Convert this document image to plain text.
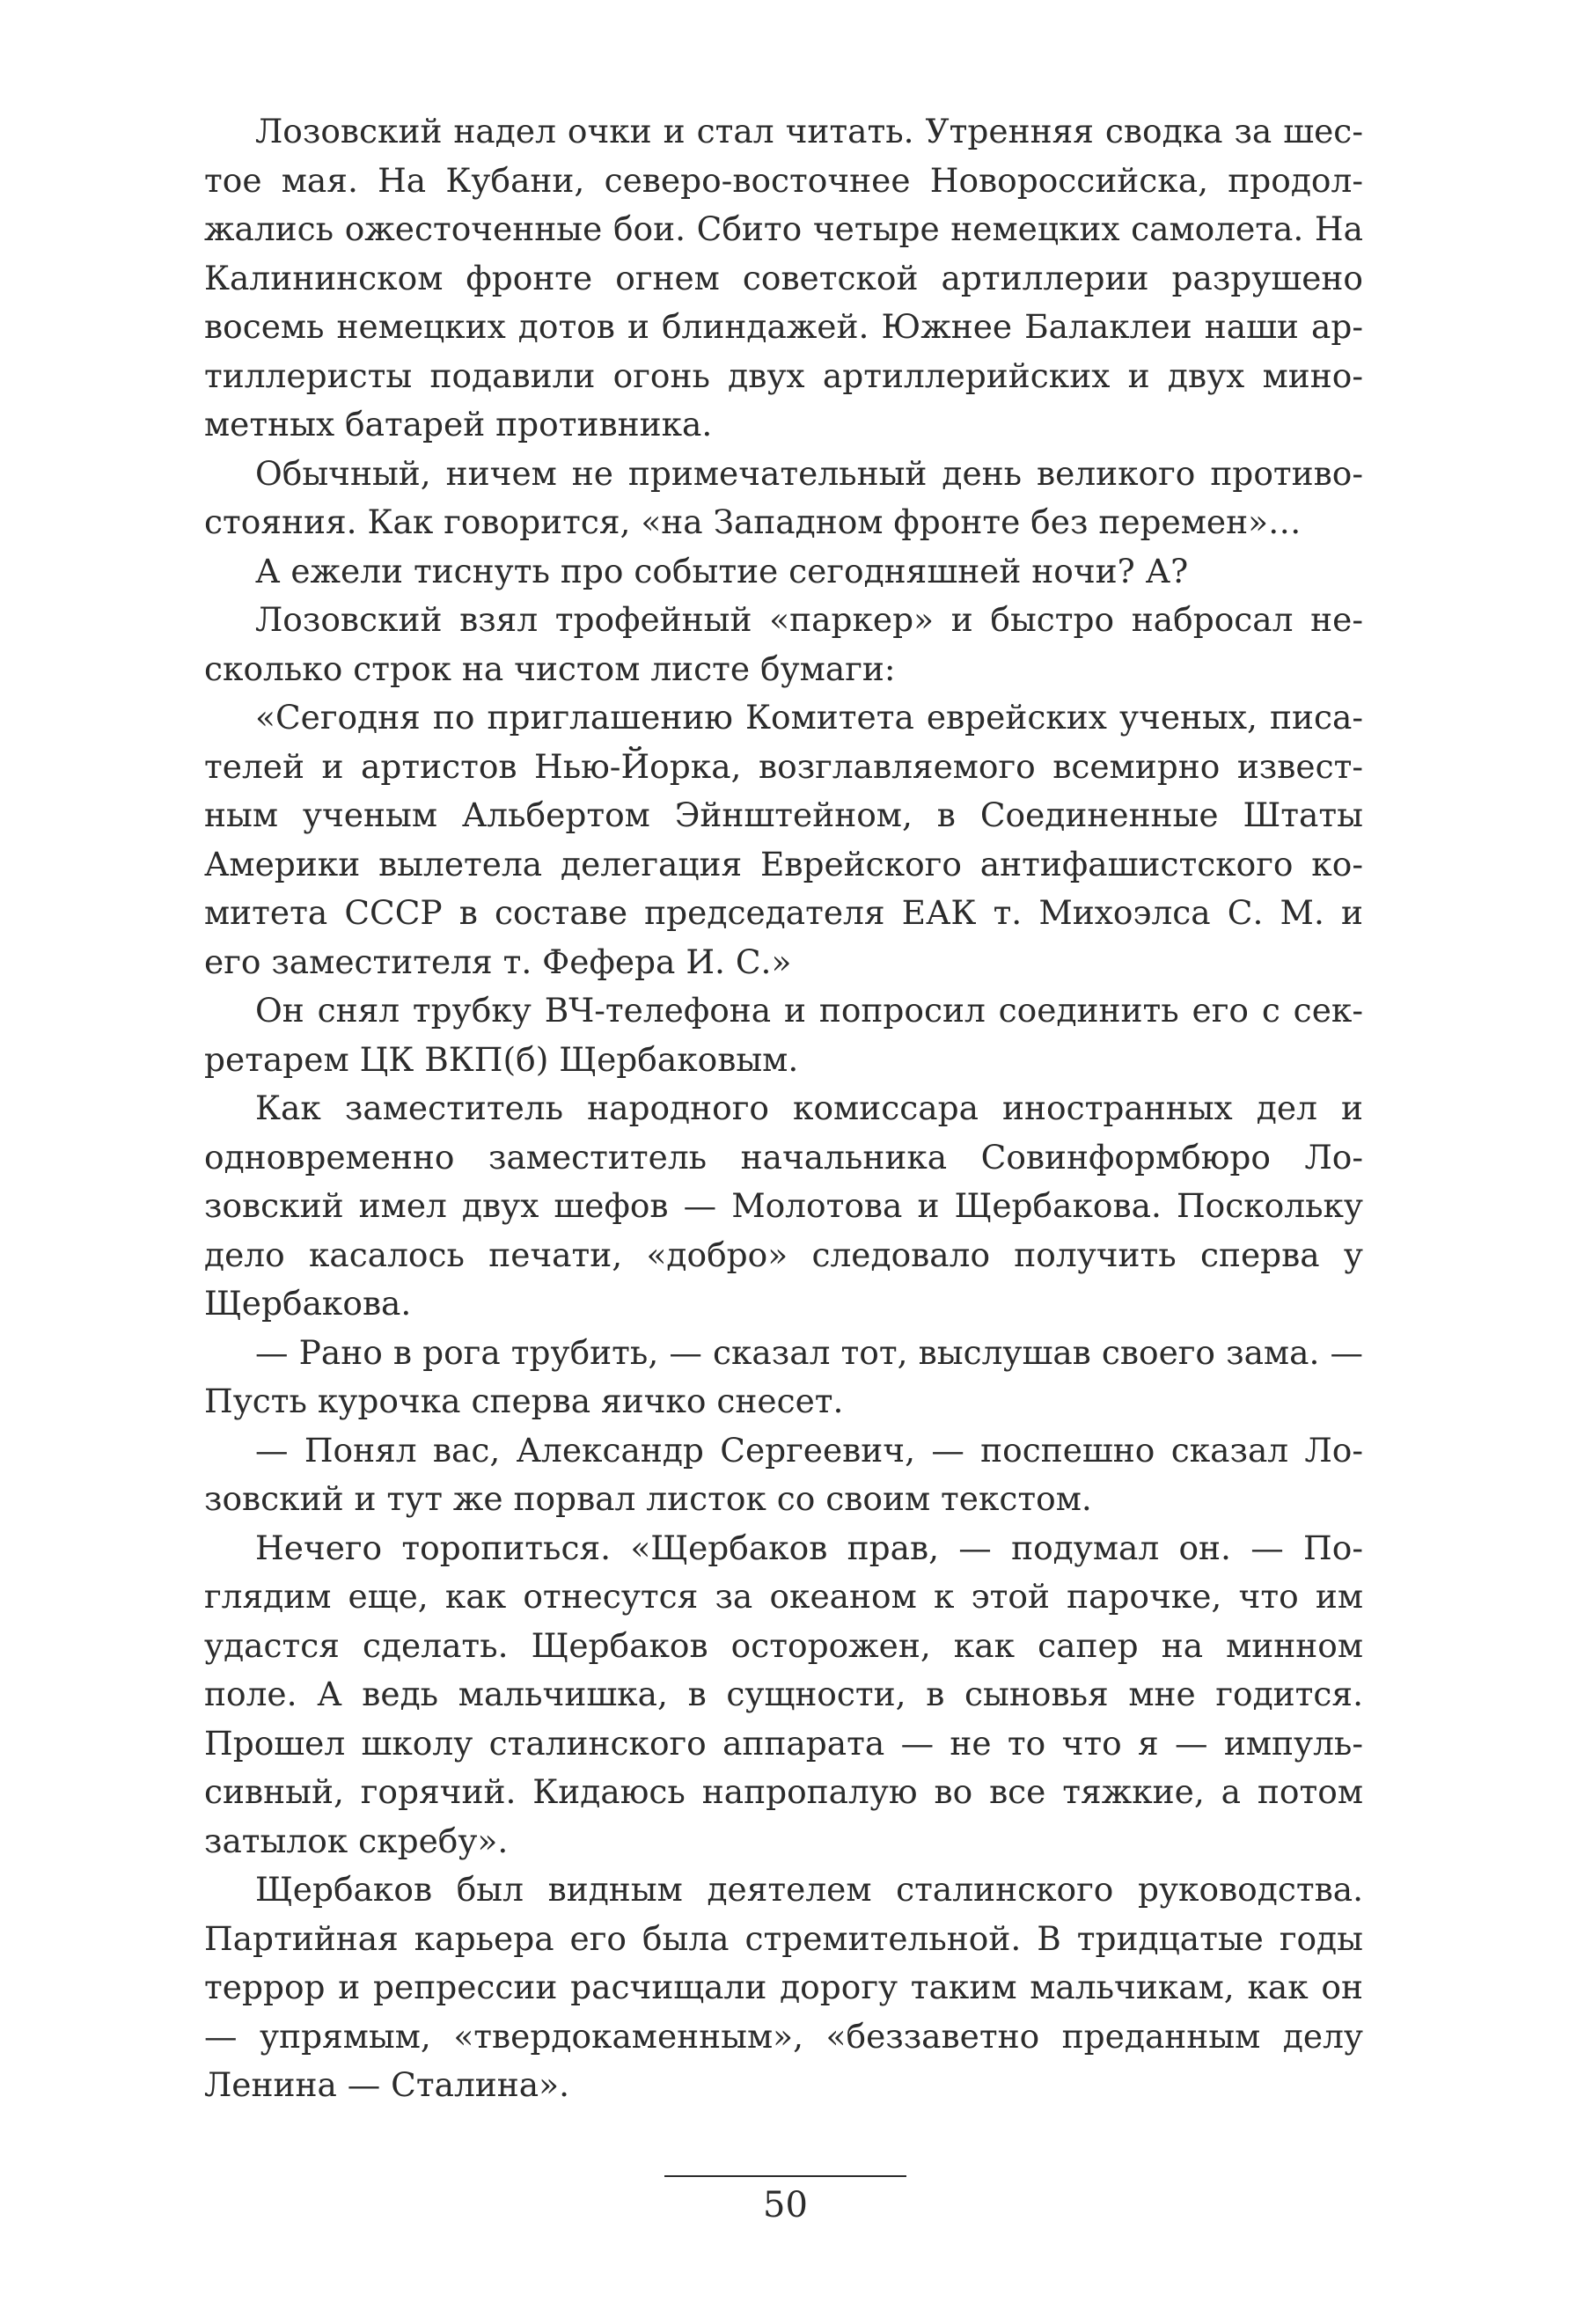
Лозовский надел очки и стал читать. Утренняя сводка за шестое мая. На Кубани, северо-восточнее Новороссийска, продолжались ожесточенные бои. Сбито четыре немецких самолета. На Калининском фронте огнем советской артиллерии разрушено восемь немецких дотов и блиндажей. Южнее Балаклеи наши артиллеристы подавили огонь двух артиллерийских и двух минометных батарей противника.

Обычный, ничем не примечательный день великого противостояния. Как говорится, «на Западном фронте без перемен»…

А ежели тиснуть про событие сегодняшней ночи? А?

Лозовский взял трофейный «паркер» и быстро набросал несколько строк на чистом листе бумаги:

«Сегодня по приглашению Комитета еврейских ученых, писателей и артистов Нью-Йорка, возглавляемого всемирно известным ученым Альбертом Эйнштейном, в Соединенные Штаты Америки вылетела делегация Еврейского антифашистского комитета СССР в составе председателя ЕАК т. Михоэлса С. М. и его заместителя т. Фефера И. С.»

Он снял трубку ВЧ-телефона и попросил соединить его с секретарем ЦК ВКП(б) Щербаковым.

Как заместитель народного комиссара иностранных дел и одновременно заместитель начальника Совинформбюро Лозовский имел двух шефов — Молотова и Щербакова. Поскольку дело касалось печати, «добро» следовало получить сперва у Щербакова.

— Рано в рога трубить, — сказал тот, выслушав своего зама. — Пусть курочка сперва яичко снесет.

— Понял вас, Александр Сергеевич, — поспешно сказал Лозовский и тут же порвал листок со своим текстом.

Нечего торопиться. «Щербаков прав, — подумал он. — Поглядим еще, как отнесутся за океаном к этой парочке, что им удастся сделать. Щербаков осторожен, как сапер на минном поле. А ведь мальчишка, в сущности, в сыновья мне годится. Прошел школу сталинского аппарата — не то что я — импульсивный, горячий. Кидаюсь напропалую во все тяжкие, а потом затылок скребу».

Щербаков был видным деятелем сталинского руководства. Партийная карьера его была стремительной. В тридцатые годы террор и репрессии расчищали дорогу таким мальчикам, как он — упрямым, «твердокаменным», «беззаветно преданным делу Ленина — Сталина».

50
